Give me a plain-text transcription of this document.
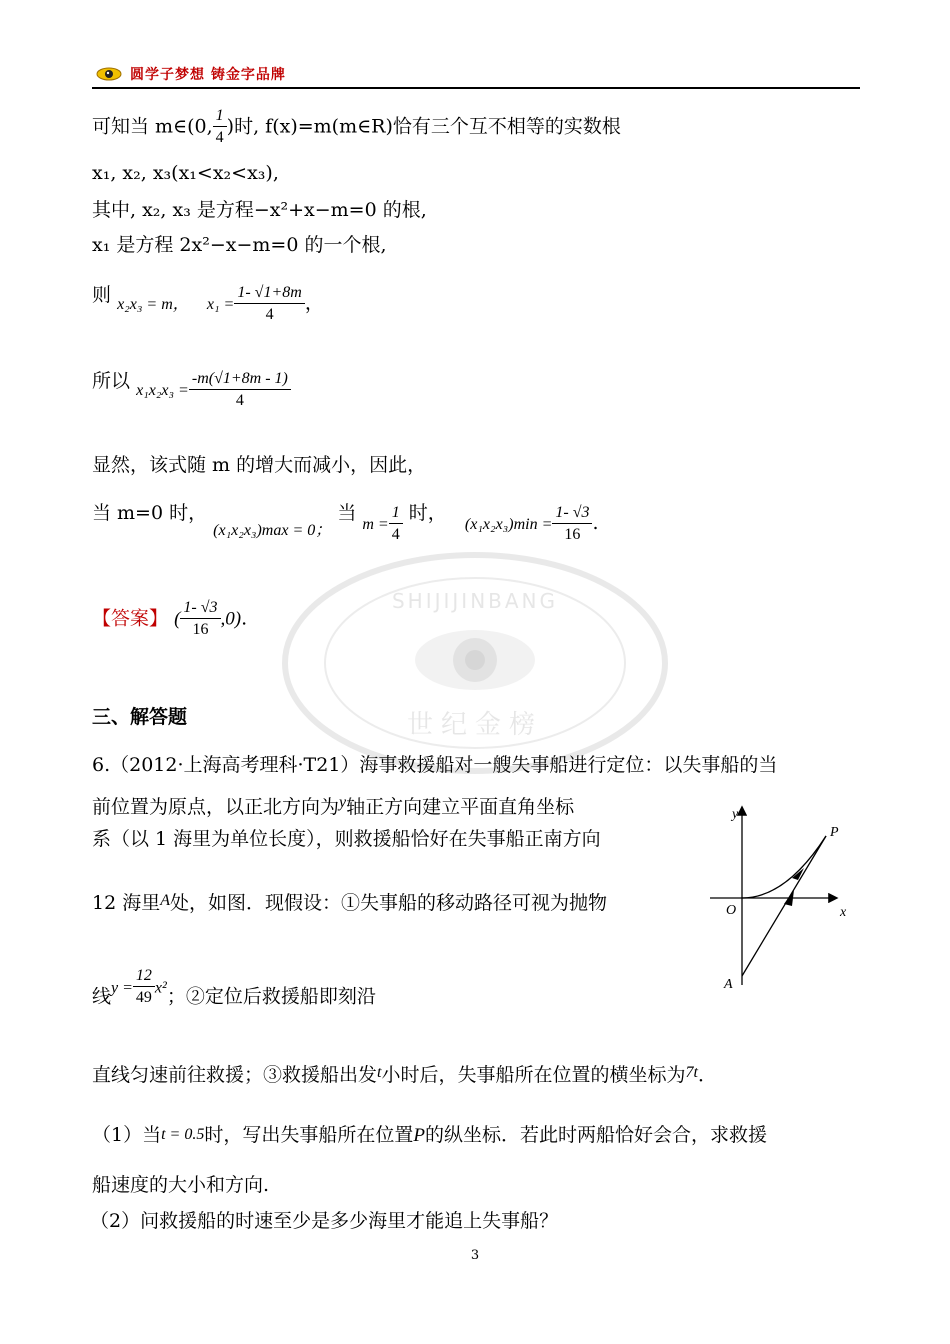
圆学子梦想 铸金字品牌
SHIJIJINBANG
世纪金榜
可知当 m∈(0, $\frac{1}{4}$ )时, f(x)=m(m∈R)恰有三个互不相等的实数根
x₁, x₂, x₃(x₁<x₂<x₃),
其中, x₂, x₃ 是方程−x²+x−m=0 的根,
x₁ 是方程 2x²−x−m=0 的一个根,
则 x₂x₃ = m， $x_1 = \frac{1- √1+8m}{4}$ ，
所以 $x_1x_2x_3 = \frac{-m(√1+8m - 1)}{4}$
显然，该式随 m 的增大而减小，因此，
当 m=0 时， $_{(x_1x_2x_3)max = 0;}$ 当 $m = \frac{1}{4}$ 时，   $(x_1x_2x_3)\min = \frac{1- √3}{16}$ .
【答案】 ( $\frac{1- √3}{16} ,0$).
三、解答题
6.（2012·上海高考理科·T21）海事救援船对一艘失事船进行定位：以失事船的当
前位置为原点，以正北方向为$^y$轴正方向建立平面直角坐标
系（以 1 海里为单位长度），则救援船恰好在失事船正南方向
12 海里$^A$处，如图．现假设：①失事船的移动路径可视为抛物
线$y = \frac{12}{49} x^2$；②定位后救援船即刻沿
直线匀速前往救援；③救援船出发$^t$小时后，失事船所在位置的横坐标为$^{7t}$．
（1）当t = 0.5时，写出失事船所在位置P的纵坐标．若此时两船恰好会合，求救援
船速度的大小和方向.
（2）问救援船的时速至少是多少海里才能追上失事船？
y
x
O
P
A
3
